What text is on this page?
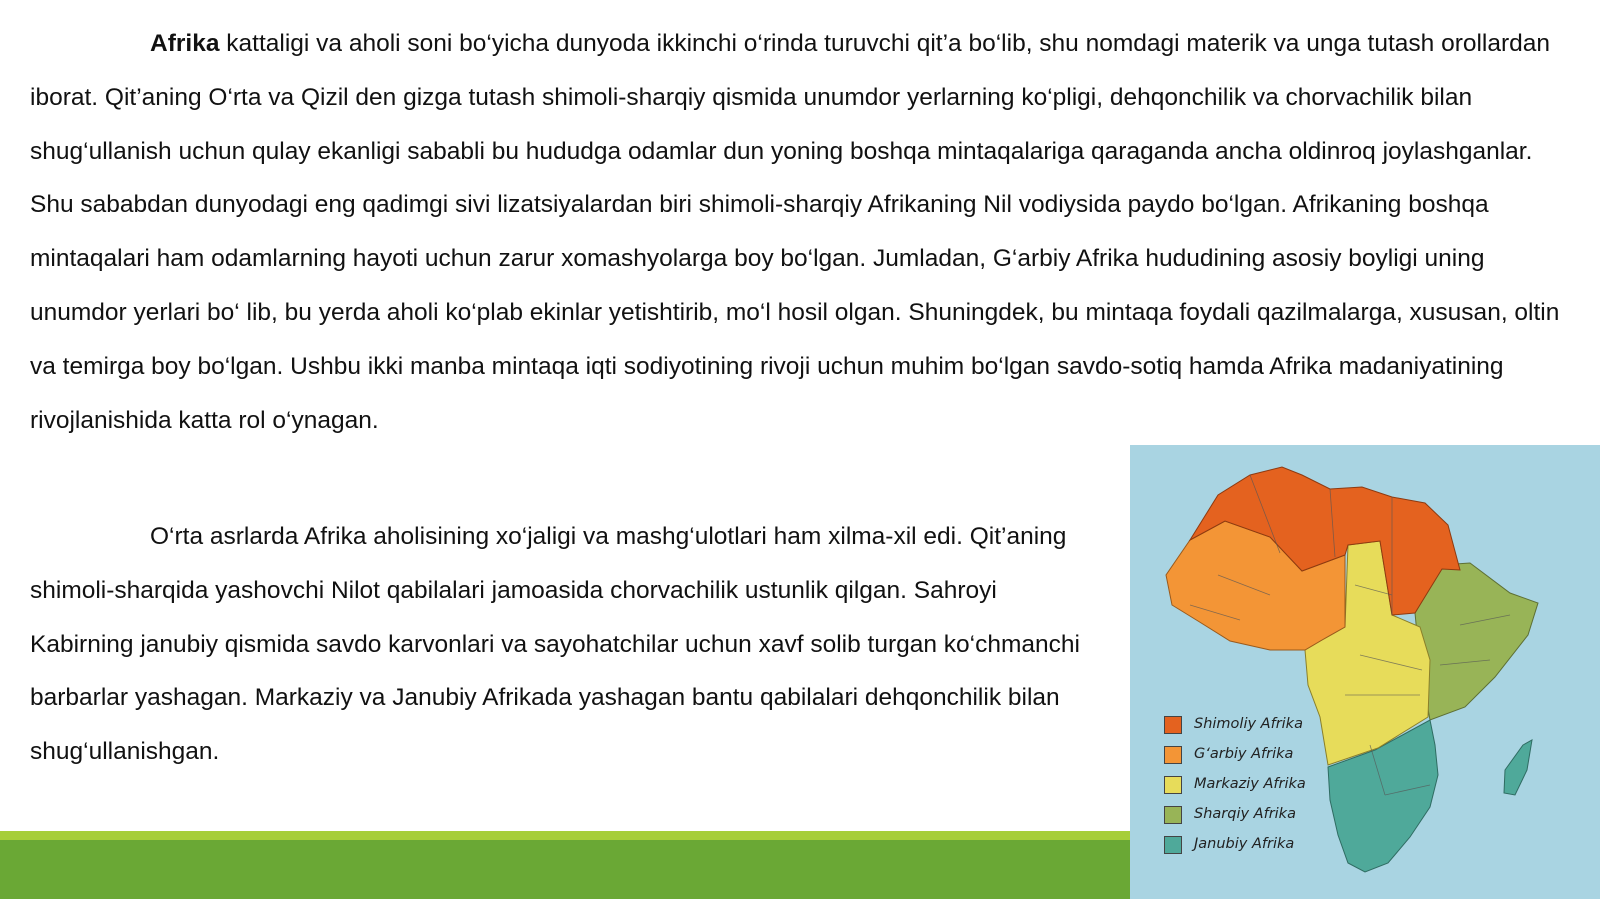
Afrika kattaligi va aholi soni bo‘yicha dunyoda ikkinchi o‘rinda turuvchi qit’a bo‘lib, shu nomdagi materik va unga tutash orollardan iborat. Qit’aning O‘rta va Qizil den gizga tutash shimoli-sharqiy qismida unumdor yerlarning ko‘pligi, dehqonchilik va chorvachilik bilan shug‘ullanish uchun qulay ekanligi sababli bu hududga odamlar dun yoning boshqa mintaqalariga qaraganda ancha oldinroq joylashganlar. Shu sababdan dunyodagi eng qadimgi sivi lizatsiyalardan biri shimoli-sharqiy Afrikaning Nil vodiysida paydo bo‘lgan. Afrikaning boshqa mintaqalari ham odamlarning hayoti uchun zarur xomashyolarga boy bo‘lgan. Jumladan, G‘arbiy Afrika hududining asosiy boyligi uning unumdor yerlari bo‘ lib, bu yerda aholi ko‘plab ekinlar yetishtirib, mo‘l hosil olgan. Shuningdek, bu mintaqa foydali qazilmalarga, xususan, oltin va temirga boy bo‘lgan. Ushbu ikki manba mintaqa iqti sodiyotining rivoji uchun muhim bo‘lgan savdo-sotiq hamda Afrika madaniyatining rivojlanishida katta rol o‘ynagan.

O‘rta asrlarda Afrika aholisining xo‘jaligi va mashg‘ulotlari ham xilma-xil edi. Qit’aning shimoli-sharqida yashovchi Nilot qabilalari jamoasida chorvachilik ustunlik qilgan. Sahroyi Kabirning janubiy qismida savdo karvonlari va sayohatchilar uchun xavf solib turgan ko‘chmanchi barbarlar yashagan. Markaziy va Janubiy Afrikada yashagan bantu qabilalari dehqonchilik bilan shug‘ullanishgan.

Shimoliy Afrika
G‘arbiy Afrika
Markaziy Afrika
Sharqiy Afrika
Janubiy Afrika
